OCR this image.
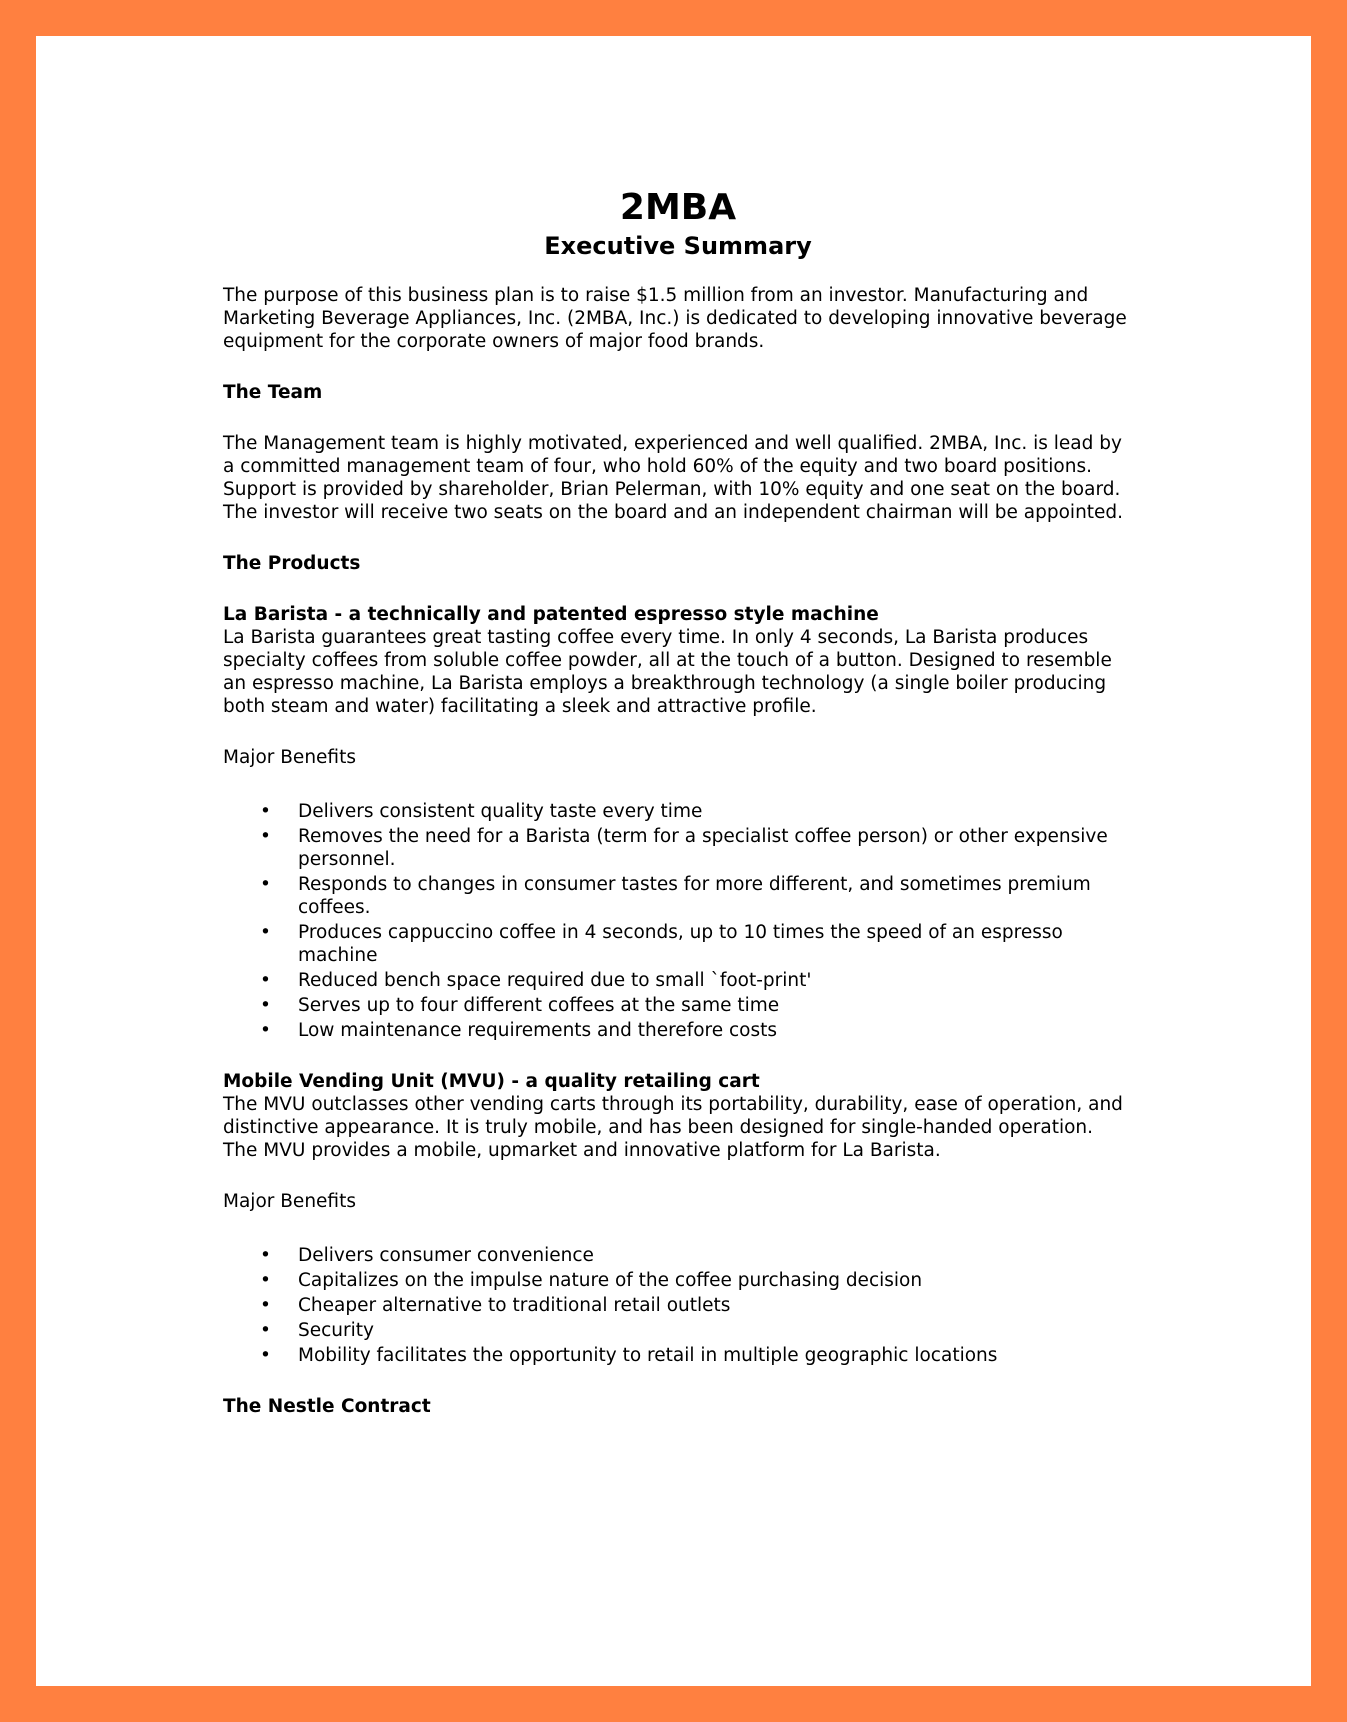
2MBA
Executive Summary

The purpose of this business plan is to raise $1.5 million from an investor. Manufacturing and Marketing Beverage Appliances, Inc. (2MBA, Inc.) is dedicated to developing innovative beverage equipment for the corporate owners of major food brands.

The Team

The Management team is highly motivated, experienced and well qualified. 2MBA, Inc. is lead by a committed management team of four, who hold 60% of the equity and two board positions. Support is provided by shareholder, Brian Pelerman, with 10% equity and one seat on the board. The investor will receive two seats on the board and an independent chairman will be appointed.

The Products

La Barista - a technically and patented espresso style machine

La Barista guarantees great tasting coffee every time. In only 4 seconds, La Barista produces specialty coffees from soluble coffee powder, all at the touch of a button. Designed to resemble an espresso machine, La Barista employs a breakthrough technology (a single boiler producing both steam and water) facilitating a sleek and attractive profile.

Major Benefits

• Delivers consistent quality taste every time
• Removes the need for a Barista (term for a specialist coffee person) or other expensive personnel.
• Responds to changes in consumer tastes for more different, and sometimes premium coffees.
• Produces cappuccino coffee in 4 seconds, up to 10 times the speed of an espresso machine
• Reduced bench space required due to small `foot-print'
• Serves up to four different coffees at the same time
• Low maintenance requirements and therefore costs

Mobile Vending Unit (MVU) - a quality retailing cart

The MVU outclasses other vending carts through its portability, durability, ease of operation, and distinctive appearance. It is truly mobile, and has been designed for single-handed operation. The MVU provides a mobile, upmarket and innovative platform for La Barista.

Major Benefits

• Delivers consumer convenience
• Capitalizes on the impulse nature of the coffee purchasing decision
• Cheaper alternative to traditional retail outlets
• Security
• Mobility facilitates the opportunity to retail in multiple geographic locations

The Nestle Contract
